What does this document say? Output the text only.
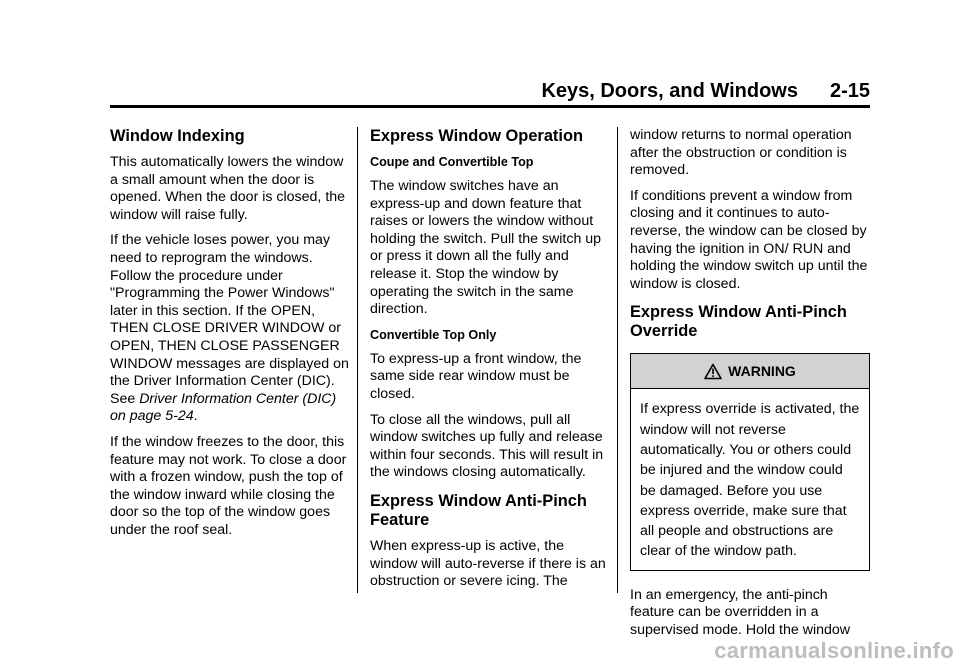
Keys, Doors, and Windows 2-15
Window Indexing

This automatically lowers the window a small amount when the door is opened. When the door is closed, the window will raise fully.

If the vehicle loses power, you may need to reprogram the windows. Follow the procedure under "Programming the Power Windows" later in this section. If the OPEN, THEN CLOSE DRIVER WINDOW or OPEN, THEN CLOSE PASSENGER WINDOW messages are displayed on the Driver Information Center (DIC). See Driver Information Center (DIC) on page 5-24.

If the window freezes to the door, this feature may not work. To close a door with a frozen window, push the top of the window inward while closing the door so the top of the window goes under the roof seal.

Express Window Operation
Coupe and Convertible Top

The window switches have an express-up and down feature that raises or lowers the window without holding the switch. Pull the switch up or press it down all the fully and release it. Stop the window by operating the switch in the same direction.

Convertible Top Only

To express-up a front window, the same side rear window must be closed.

To close all the windows, pull all window switches up fully and release within four seconds. This will result in the windows closing automatically.

Express Window Anti-Pinch Feature

When express-up is active, the window will auto-reverse if there is an obstruction or severe icing. The

window returns to normal operation after the obstruction or condition is removed.

If conditions prevent a window from closing and it continues to auto-reverse, the window can be closed by having the ignition in ON/ RUN and holding the window switch up until the window is closed.

Express Window Anti-Pinch Override
WARNING
If express override is activated, the window will not reverse automatically. You or others could be injured and the window could be damaged. Before you use express override, make sure that all people and obstructions are clear of the window path.

In an emergency, the anti-pinch feature can be overridden in a supervised mode. Hold the window

carmanualsonline.info
